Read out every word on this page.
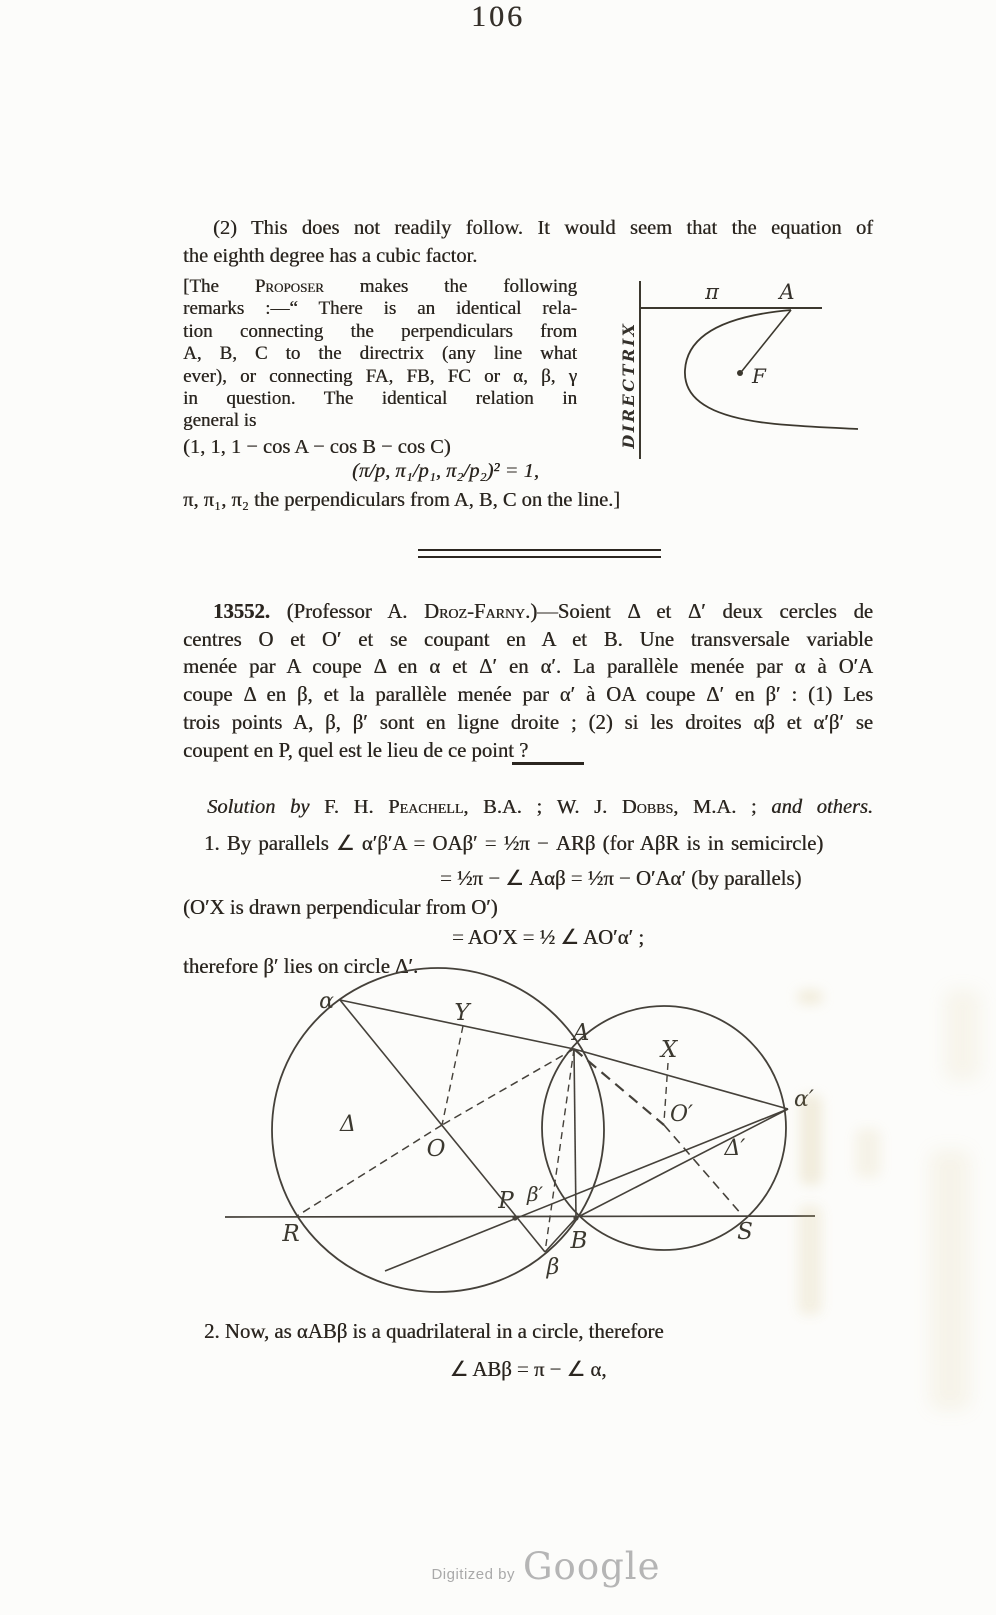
106
(2) This does not readily follow. It would seem that the equation of
the eighth degree has a cubic factor.
[The Proposer makes the following
remarks :—“ There is an identical rela-
tion connecting the perpendiculars from
A, B, C to the directrix (any line what
ever), or connecting FA, FB, FC or α, β, γ
in question. The identical relation in
general is
(1, 1, 1 − cos A − cos B − cos C)
(π/p, π₁/p₁, π₂/p₂)² = 1,
π, π₁, π₂ the perpendiculars from A, B, C on the line.]
π	A
F
DIRECTRIX
13552. (Professor A. Droz-Farny.)—Soient Δ et Δ′ deux cercles de
centres O et O′ et se coupant en A et B. Une transversale variable
menée par A coupe Δ en α et Δ′ en α′. La parallèle menée par α à O′A
coupe Δ en β, et la parallèle menée par α′ à OA coupe Δ′ en β′ : (1) Les
trois points A, β, β′ sont en ligne droite ; (2) si les droites αβ et α′β′ se
coupent en P, quel est le lieu de ce point ?
Solution by F. H. Peachell, B.A. ; W. J. Dobbs, M.A. ; and others.
1. By parallels ∠ α′β′A = OAβ′ = ½π − ARβ (for AβR is in semicircle)
= ½π − ∠ Aαβ = ½π − O′Aα′ (by parallels)
(O′X is drawn perpendicular from O′)
= AO′X = ½ ∠ AO′α′ ;
therefore β′ lies on circle Δ′.
α	Y
A
X
α′
Δ
O
O′
Δ′
P β′
R	B	S
β
2. Now, as αABβ is a quadrilateral in a circle, therefore
∠ ABβ = π − ∠ α,
Digitized by Google
